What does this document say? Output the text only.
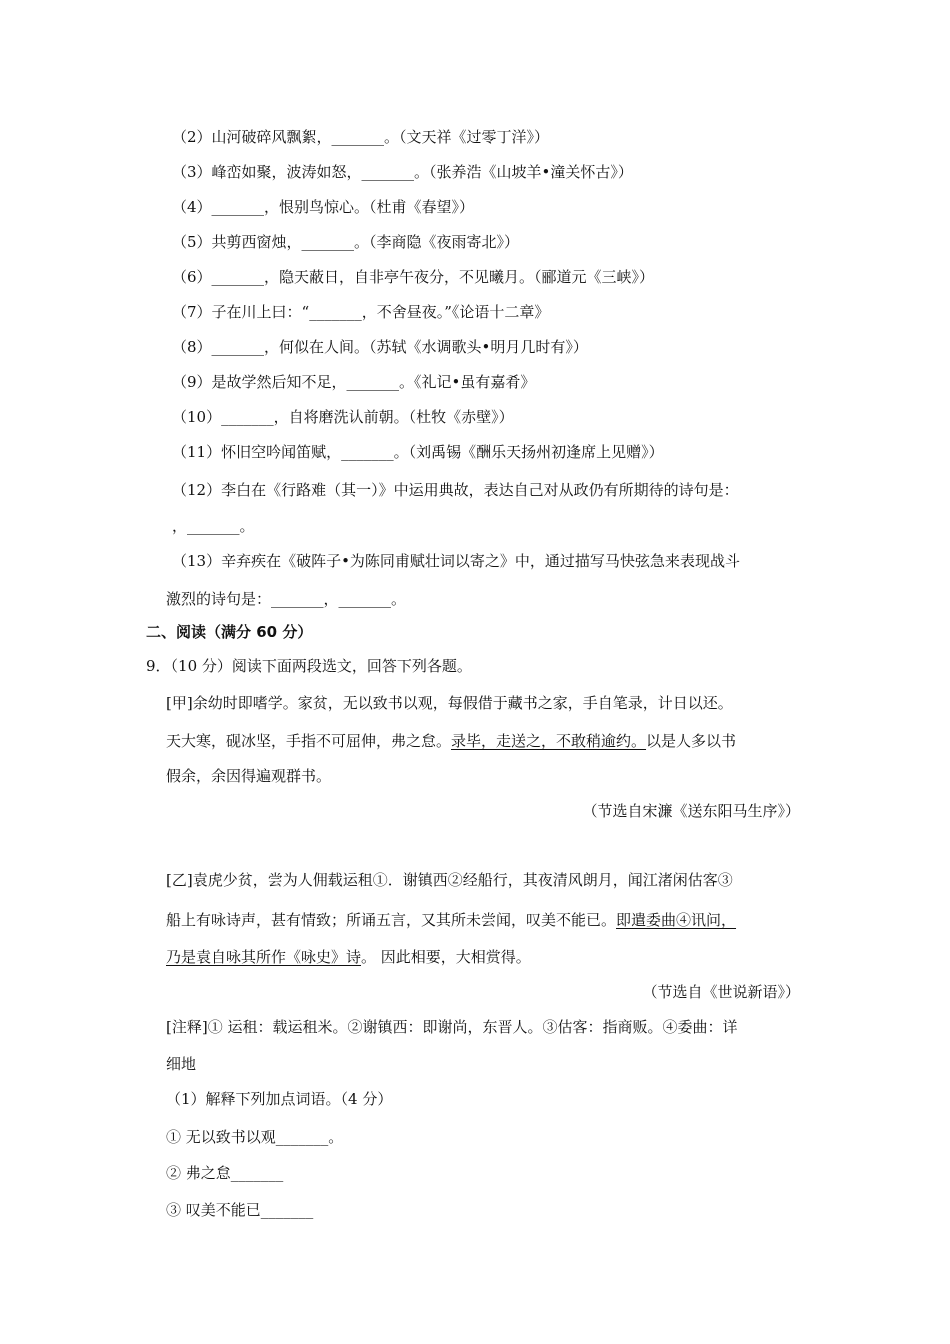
（2）山河破碎风飘絮，_______。（文天祥《过零丁洋》）
（3）峰峦如聚，波涛如怒，_______。（张养浩《山坡羊•潼关怀古》）
（4）_______，恨别鸟惊心。（杜甫《春望》）
（5）共剪西窗烛，_______。（李商隐《夜雨寄北》）
（6）_______，隐天蔽日，自非亭午夜分，不见曦月。（郦道元《三峡》）
（7）子在川上曰：“_______，不舍昼夜。”《论语十二章》
（8）_______，何似在人间。（苏轼《水调歌头•明月几时有》）
（9）是故学然后知不足，_______。《礼记•虽有嘉肴》
（10）_______，自将磨洗认前朝。（杜牧《赤壁》）
（11）怀旧空吟闻笛赋，_______。（刘禹锡《酬乐天扬州初逢席上见赠》）
（12）李白在《行路难（其一）》中运用典故，表达自己对从政仍有所期待的诗句是：
，_______。
（13）辛弃疾在《破阵子•为陈同甫赋壮词以寄之》中，通过描写马快弦急来表现战斗
激烈的诗句是：_______，_______。
二、阅读（满分 60 分）
9．（10 分）阅读下面两段选文，回答下列各题。
[甲]余幼时即嗜学。家贫，无以致书以观，每假借于藏书之家，手自笔录，计日以还。
天大寒，砚冰坚，手指不可屈伸，弗之怠。录毕，走送之，不敢稍逾约。以是人多以书
假余，余因得遍观群书。
（节选自宋濂《送东阳马生序》）
[乙]袁虎少贫，尝为人佣载运租①．谢镇西②经船行，其夜清风朗月，闻江渚闲估客③
船上有咏诗声，甚有情致；所诵五言，又其所未尝闻，叹美不能已。即遣委曲④讯问，
乃是袁自咏其所作《咏史》诗。 因此相要，大相赏得。
（节选自《世说新语》）
[注释]① 运租：载运租米。②谢镇西：即谢尚，东晋人。③估客：指商贩。④委曲：详
细地
（1）解释下列加点词语。（4 分）
① 无以致书以观_______。
② 弗之怠_______
③ 叹美不能已_______
